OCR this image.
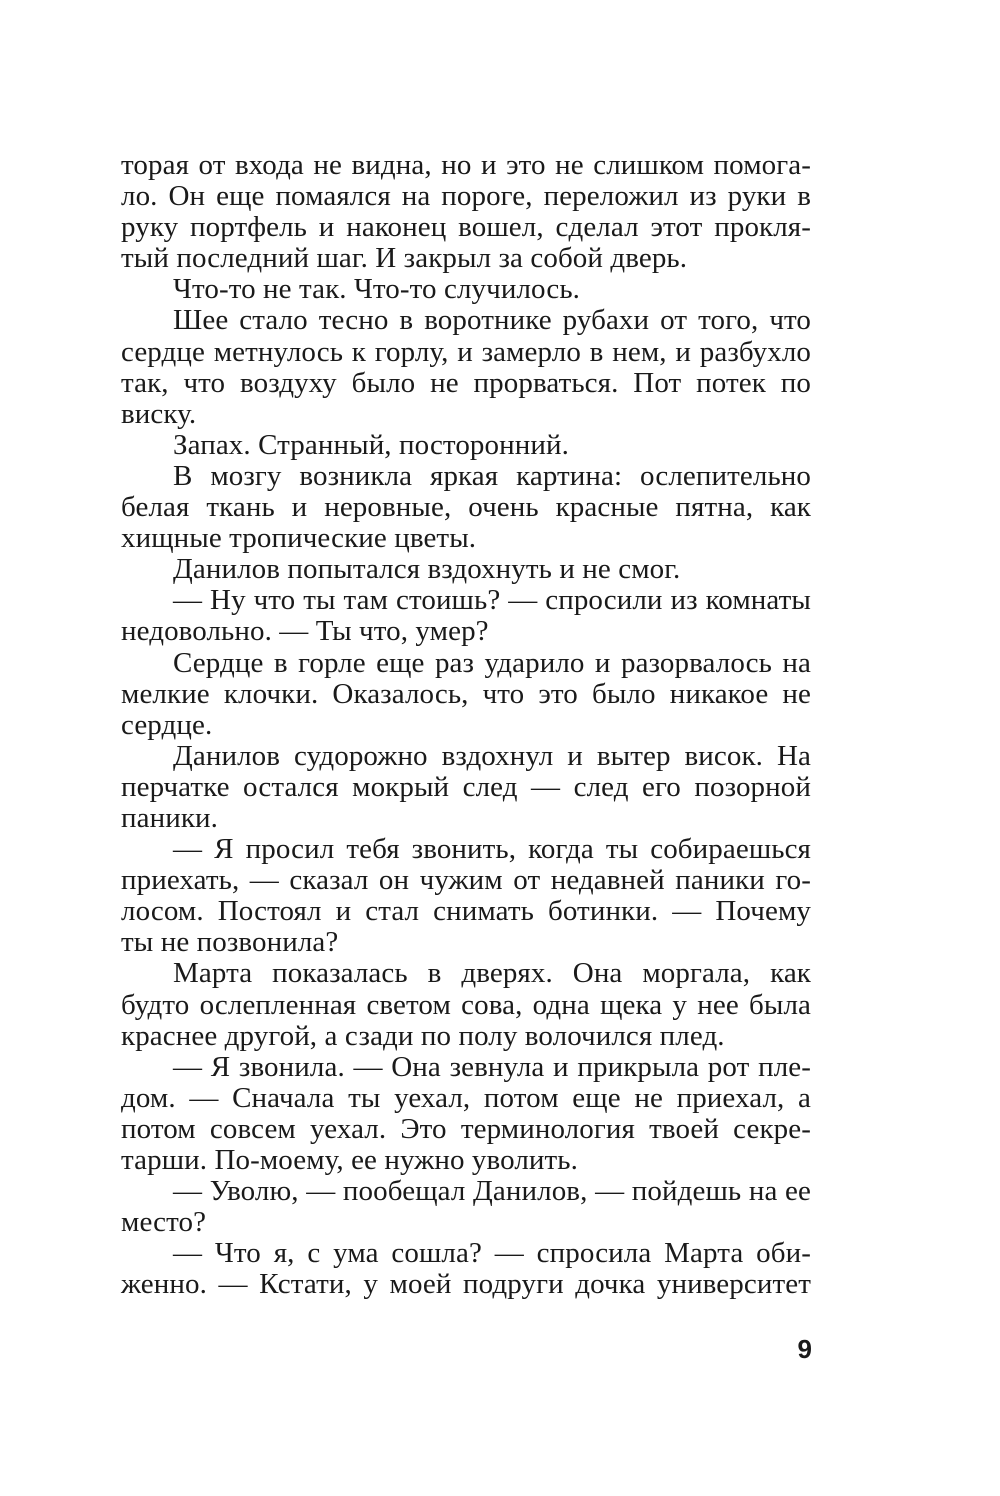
торая от входа не видна, но и это не слишком помога-
ло. Он еще помаялся на пороге, переложил из руки в
руку портфель и наконец вошел, сделал этот прокля-
тый последний шаг. И закрыл за собой дверь.
Что-то не так. Что-то случилось.
Шее стало тесно в воротнике рубахи от того, что
сердце метнулось к горлу, и замерло в нем, и разбухло
так, что воздуху было не прорваться. Пот потек по
виску.
Запах. Странный, посторонний.
В мозгу возникла яркая картина: ослепительно
белая ткань и неровные, очень красные пятна, как
хищные тропические цветы.
Данилов попытался вздохнуть и не смог.
— Ну что ты там стоишь? — спросили из комнаты
недовольно. — Ты что, умер?
Сердце в горле еще раз ударило и разорвалось на
мелкие клочки. Оказалось, что это было никакое не
сердце.
Данилов судорожно вздохнул и вытер висок. На
перчатке остался мокрый след — след его позорной
паники.
— Я просил тебя звонить, когда ты собираешься
приехать, — сказал он чужим от недавней паники го-
лосом. Постоял и стал снимать ботинки. — Почему
ты не позвонила?
Марта показалась в дверях. Она моргала, как
будто ослепленная светом сова, одна щека у нее была
краснее другой, а сзади по полу волочился плед.
— Я звонила. — Она зевнула и прикрыла рот пле-
дом. — Сначала ты уехал, потом еще не приехал, а
потом совсем уехал. Это терминология твоей секре-
тарши. По-моему, ее нужно уволить.
— Уволю, — пообещал Данилов, — пойдешь на ее
место?
— Что я, с ума сошла? — спросила Марта оби-
женно. — Кстати, у моей подруги дочка университет
9
